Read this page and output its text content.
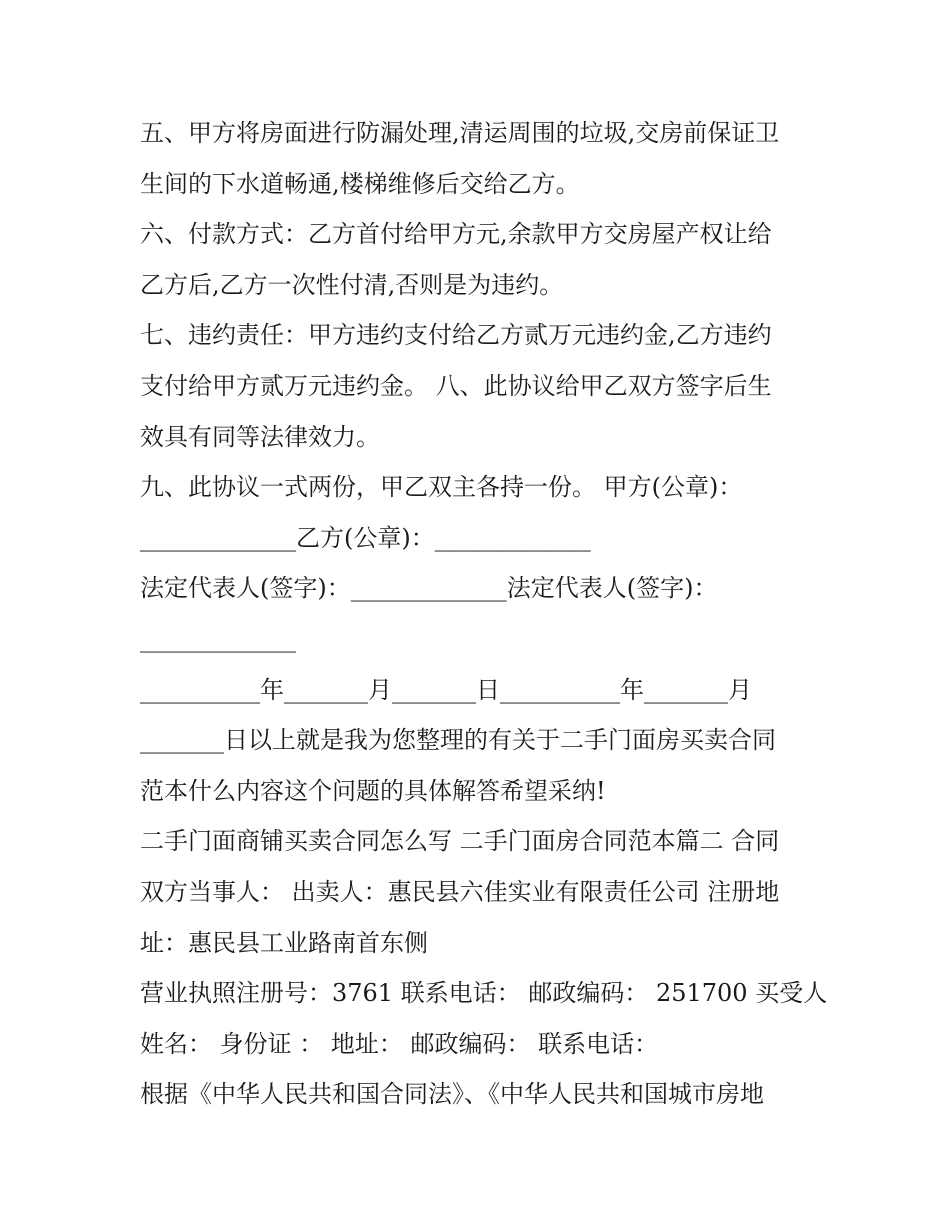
五、甲方将房面进行防漏处理,清运周围的垃圾,交房前保证卫

生间的下水道畅通,楼梯维修后交给乙方。

六、付款方式：乙方首付给甲方元,余款甲方交房屋产权让给

乙方后,乙方一次性付清,否则是为违约。

七、违约责任：甲方违约支付给乙方贰万元违约金,乙方违约

支付给甲方贰万元违约金。 八、此协议给甲乙双方签字后生

效具有同等法律效力。

九、此协议一式两份，甲乙双主各持一份。 甲方(公章)：

_____________乙方(公章)：_____________

法定代表人(签字)：_____________法定代表人(签字)：

_____________

__________年_______月_______日__________年_______月

_______日以上就是我为您整理的有关于二手门面房买卖合同

范本什么内容这个问题的具体解答希望采纳!

二手门面商铺买卖合同怎么写 二手门面房合同范本篇二 合同

双方当事人： 出卖人：惠民县六佳实业有限责任公司 注册地

址：惠民县工业路南首东侧

营业执照注册号：3761 联系电话： 邮政编码： 251700 买受人

姓名： 身份证 ： 地址： 邮政编码： 联系电话：

根据《中华人民共和国合同法》、《中华人民共和国城市房地
